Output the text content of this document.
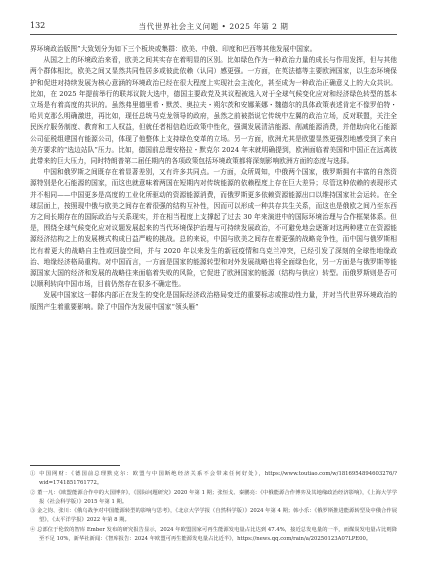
132	当代世界社会主义问题 • 2025 年第 2 期

界环境政治版图”大致划分为如下三个板块或集群：欧美、中俄、印度和巴西等其他发展中国家。

从国之上的环境政治来看，欧美之间其实存在着明显的区别。比如绿色作为一种政治力量的成长与作用发挥，但与其他两个群体相比，欧美之间又显然共同性居多或彼此依赖（认同）感更强。一方面，在英法德等主要欧洲国家，以生态环境保护和促进对持续发展为核心意涵的环境政治已经在很大程度上实现社会主流化，甚至成为一种政治正确意义上的大众共识。比如，在 2025 年提前举行的联邦议院大选中，德国主要政党及其议程被选入对于全球气候变化应对和经济绿色转型的基本立场是有着高度的共识的。虽然弗里德里希・默茨、奥拉夫・朔尔茨和安娜莱娜・魏德尔的具体政策表述肯定不像罗伯特・哈贝克那么明确激进，再比如，现任总统马克龙领导的政府，虽然之前被指说它传统中左翼的政治立场，反对联盟，关注全民医疗服务制度、教育和工人权益，但就任者相信趋近政策中性化，强调发展清洁能源、削减能源消费，并借助向化石能源公司征税组建国有能源公司，体现了他整体上支持绿色变革的立场。另一方面，欧洲尤其是欧盟显然更强烈地感受到了来自美方要求的“选边站队”压力。比如，德国前总理安格拉・默克尔 2024 年末就明确提到，欧洲面临着美国和中国正在远离彼此带来的巨大压力，同时特朗普第二届任期内的各项政策包括环境政策都将深刻影响欧洲方面的态度与选择。

中国和俄罗斯之间既存在着显著差别，又有许多共同点。一方面，众所周知，中俄两个国家，俄罗斯拥有丰富的自然资源特别是化石能源的国家，而这也就意味着两国在短期内对传统能源的依赖程度上存在巨大差异；尽管这种依赖的表现形式并不相同——中国更多是高度的工业化所驱动的资源能源消费，而俄罗斯更多依赖资源能源出口以维持国家社会运转。在全球层面上，按照现中俄与欧美之间存在着很强的结构互补性，因而可以形成一种共存共生关系，而这也是俄欧之间乃至东西方之间长期存在的国际政治与关系现实，并在相当程度上支撑起了过去 30 年来演进中的国际环境治理与合作框架体系。但是，围绕全球气候变化应对议题发展起来的当代环境保护治理与可持续发展政治，不可避免地会逐渐对这两种建立在资源能源经济结构之上的发展模式构成日益严峻的挑战。总的来说，中国与欧美之间存在着更强的战略竞争性，而中国与俄罗斯相比有着更大的战略自主性或回旋空间，并与 2020 年以来发生的新冠疫情和乌克兰冲突，已经引发了深刻的全球性地缘政治、地缘经济格局重构。对中国而言，一方面是国家的能源转型和对外发展战略也将全面绿色化，另一方面是与俄罗斯等能源国家大国的经济和发展的战略往来面临着失败的风险，它促进了欧洲国家的能源（结构与供应）转型。而俄罗斯则是否可以顺利转向中国市场，目前仍然存在很多不确定性。

发展中国家这一群体内部正在发生的变化是国际经济政治格局变迁的重要标志或推动性力量，并对当代世界环境政治的版图产生着重要影响。除了中国作为发展中国家“领头雁”

① 中国网财：《德国前总理默克尔：欧盟与中国断绝经济关系不会带来任何好处》，https://www.toutiao.com/w/1816954894603276/?wid=1741851761772。

② 董一凡：《欧盟能源合作中的大国博弈》，《国际问题研究》2020 年第 1 期；张恒戈、秦鹏亮：《中俄能源合作博弈及其地缘政治经济影响》，《上海大学学报（社会科学版）》2015 年第 1 期。

③ 金之钧、张川：《俄乌战争对中国能源转型的影响与思考》，《北京大学学报（自然科学版）》2024 年第 4 期；韩小乐：《俄罗斯推进能源转型及中俄合作展望》，《太平洋学报》2022 年第 8 期。

④ 总部位于伦敦的智库 Ember 发布的研究报告显示，2024 年欧盟国家可再生能源发电量占比达到 47.4%，接近总发电量的一半，而煤炭发电量占比则降至不足 10%，新华社新闻：《智库报告：2024 年欧盟可再生能源发电量占比近半》，https://news.qq.com/rain/a/20250123A07LPE00。
